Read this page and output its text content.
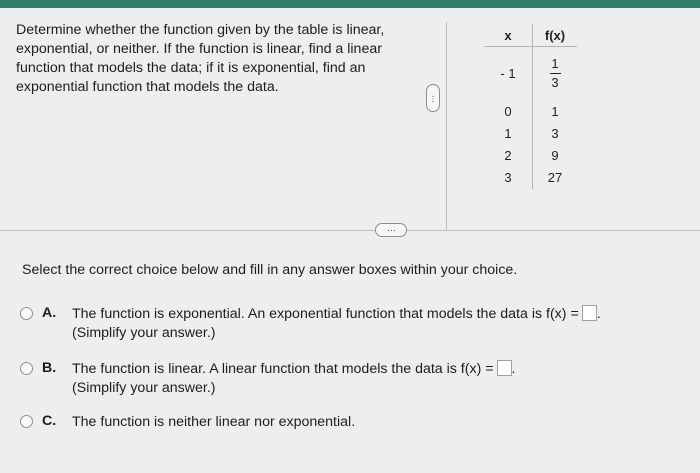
Determine whether the function given by the table is linear, exponential, or neither. If the function is linear, find a linear function that models the data; if it is exponential, find an exponential function that models the data.
⋯
x	f(x)
- 1	$\frac{1}{3}$

0	1
1	3
2	9
3	27
⋯
Select the correct choice below and fill in any answer boxes within your choice.
A. The function is exponential. An exponential function that models the data is f(x) = .
(Simplify your answer.)
B. The function is linear. A linear function that models the data is f(x) = .
(Simplify your answer.)
C. The function is neither linear nor exponential.
